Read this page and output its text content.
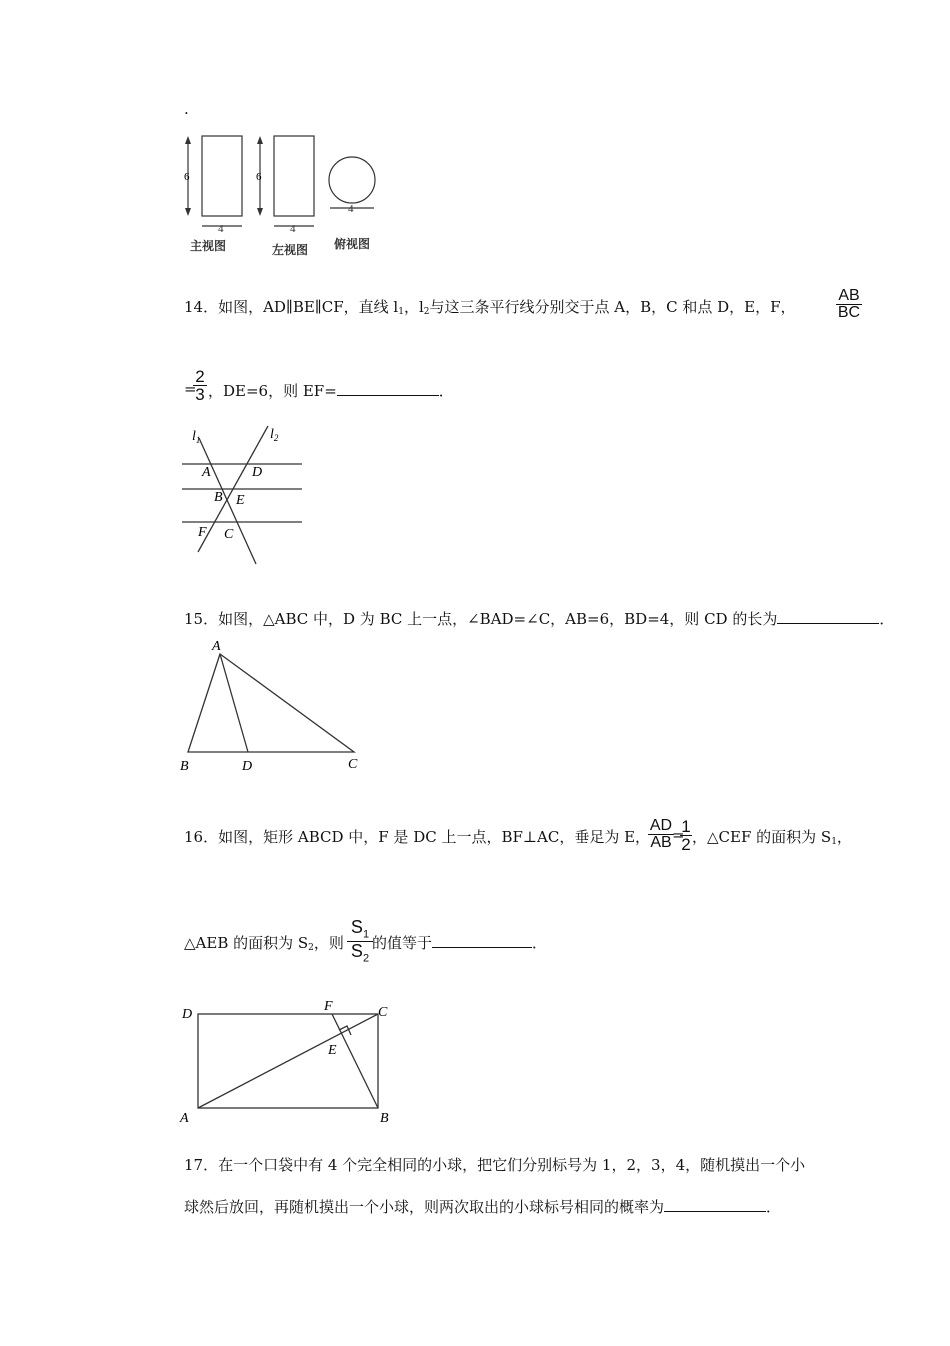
.
6	6
4	4
4
主视图	左视图 俯视图
14．如图，AD∥BE∥CF，直线 $l_1$，$l_2$与这三条平行线分别交于点 A，B，C 和点 D，E，F，
AB
BC
=
2
3 ，DE=6，则 EF=	．
$l_1$	$l_2$
A	D
B E
F C
15．如图，△ABC 中，D 为 BC 上一点，∠BAD=∠C，AB=6，BD=4，则 CD 的长为	．
A
B	D	C
16．如图，矩形 ABCD 中，F 是 DC 上一点，BF⊥AC，垂足为 E，
AD
AB =
1
2 ，△CEF 的面积为 $S_1$，
△AEB 的面积为 $S_2$，则
$S_1$
$S_2$
的值等于	．
D
F	C
E
A	B
17．在一个口袋中有 4 个完全相同的小球，把它们分别标号为 1，2，3，4，随机摸出一个小
球然后放回，再随机摸出一个小球，则两次取出的小球标号相同的概率为	．
